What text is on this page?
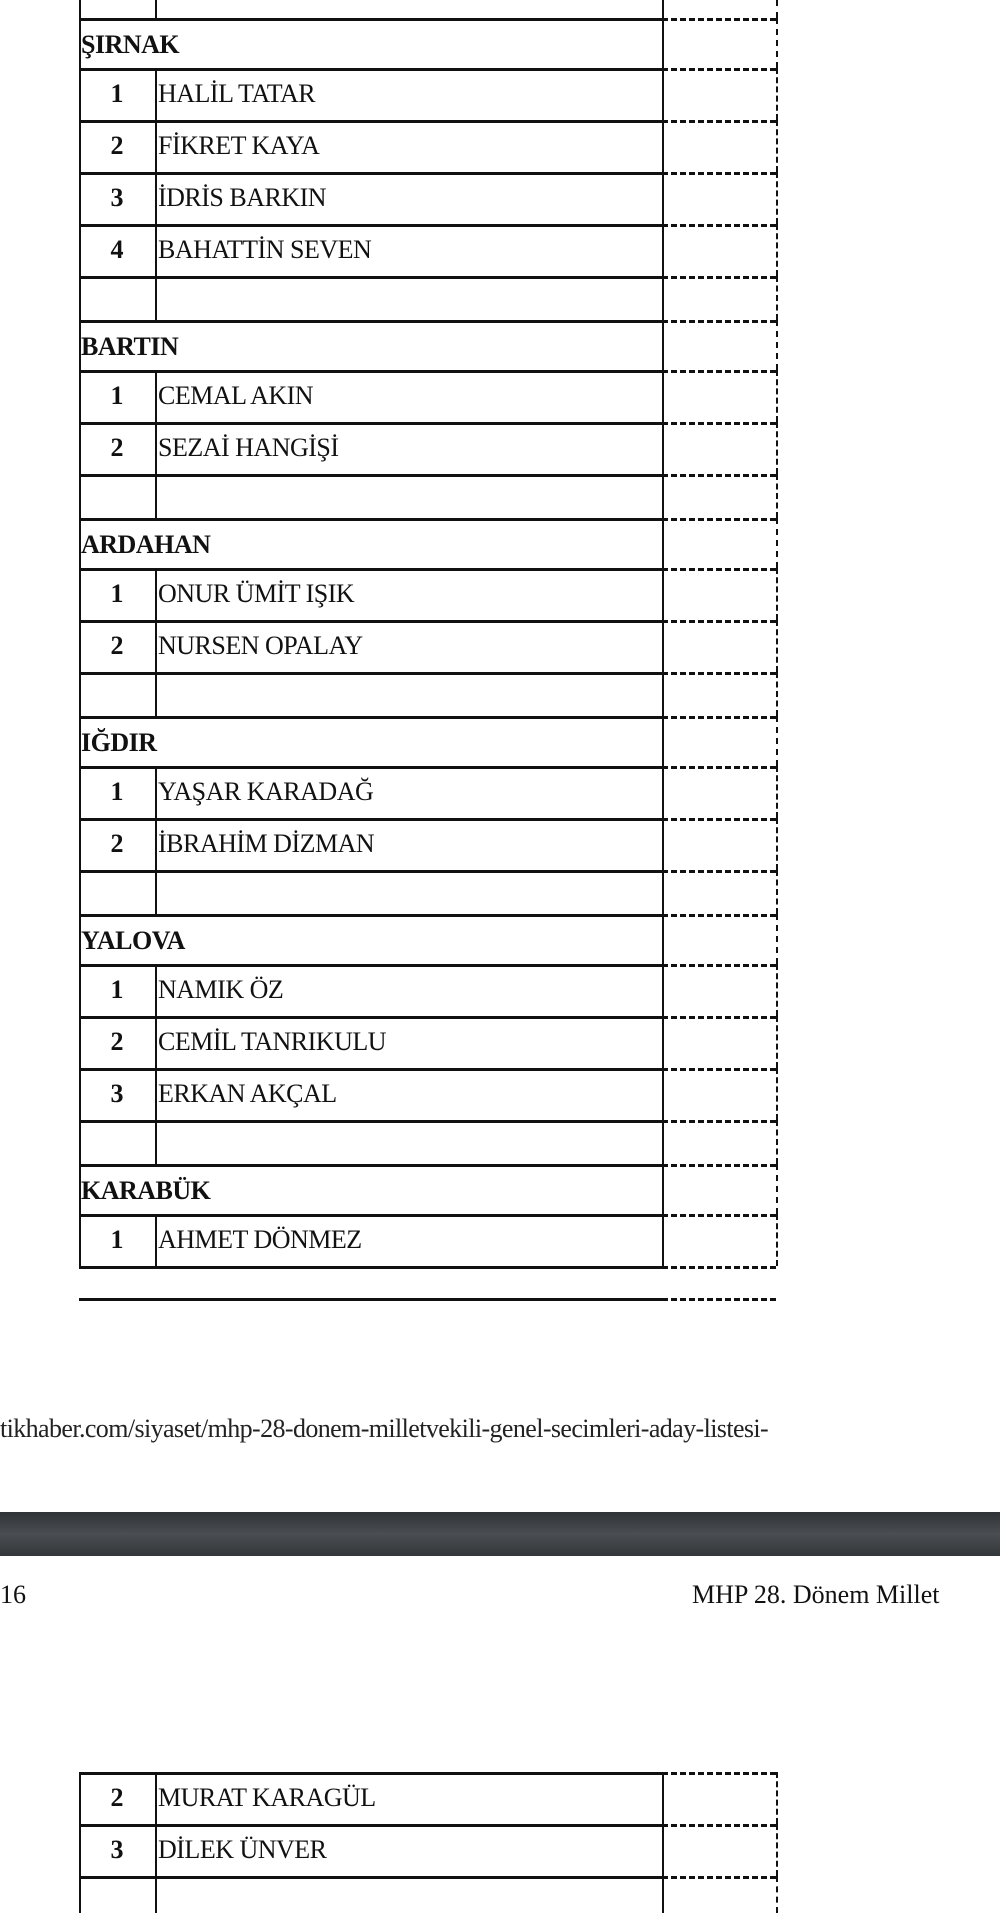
ŞIRNAK
1	HALİL TATAR
2	FİKRET KAYA
3	İDRİS BARKIN
4	BAHATTİN SEVEN
BARTIN
1	CEMAL AKIN
2	SEZAİ HANGİŞİ
ARDAHAN
1	ONUR ÜMİT IŞIK
2	NURSEN OPALAY
IĞDIR
1	YAŞAR KARADAĞ
2	İBRAHİM DİZMAN
YALOVA
1	NAMIK ÖZ
2	CEMİL TANRIKULU
3	ERKAN AKÇAL
KARABÜK
1	AHMET DÖNMEZ
2	MURAT KARAGÜL
3	DİLEK ÜNVER
tikhaber.com/siyaset/mhp-28-donem-milletvekili-genel-secimleri-aday-listesi-
16	MHP 28. Dönem Millet
